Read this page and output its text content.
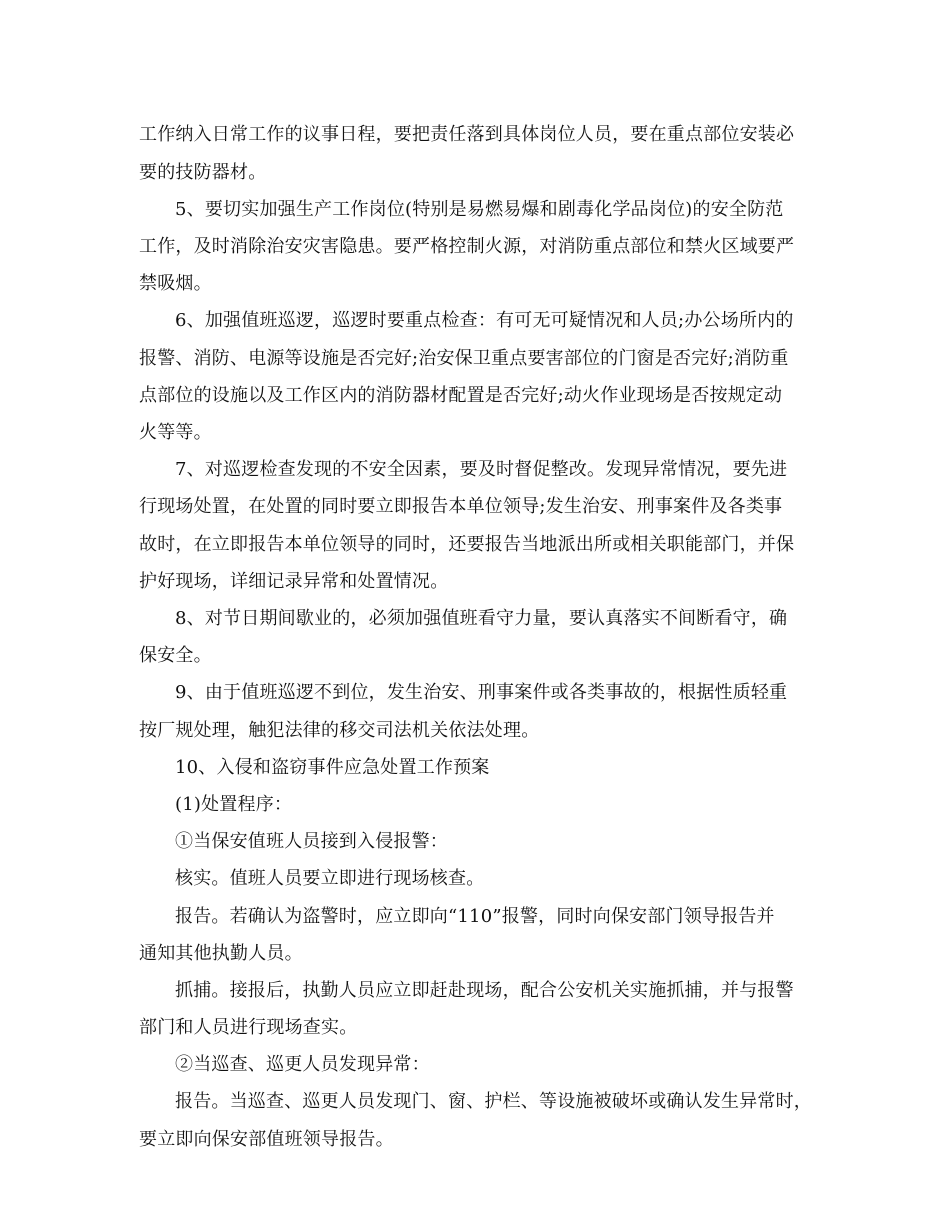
工作纳入日常工作的议事日程，要把责任落到具体岗位人员，要在重点部位安装必
要的技防器材。
5、要切实加强生产工作岗位(特别是易燃易爆和剧毒化学品岗位)的安全防范
工作，及时消除治安灾害隐患。要严格控制火源，对消防重点部位和禁火区域要严
禁吸烟。
6、加强值班巡逻，巡逻时要重点检查：有可无可疑情况和人员;办公场所内的
报警、消防、电源等设施是否完好;治安保卫重点要害部位的门窗是否完好;消防重
点部位的设施以及工作区内的消防器材配置是否完好;动火作业现场是否按规定动
火等等。
7、对巡逻检查发现的不安全因素，要及时督促整改。发现异常情况，要先进
行现场处置，在处置的同时要立即报告本单位领导;发生治安、刑事案件及各类事
故时，在立即报告本单位领导的同时，还要报告当地派出所或相关职能部门，并保
护好现场，详细记录异常和处置情况。
8、对节日期间歇业的，必须加强值班看守力量，要认真落实不间断看守，确
保安全。
9、由于值班巡逻不到位，发生治安、刑事案件或各类事故的，根据性质轻重
按厂规处理，触犯法律的移交司法机关依法处理。
10、入侵和盗窃事件应急处置工作预案
(1)处置程序：
①当保安值班人员接到入侵报警：
核实。值班人员要立即进行现场核查。
报告。若确认为盗警时，应立即向“110”报警，同时向保安部门领导报告并
通知其他执勤人员。
抓捕。接报后，执勤人员应立即赶赴现场，配合公安机关实施抓捕，并与报警
部门和人员进行现场查实。
②当巡查、巡更人员发现异常：
报告。当巡查、巡更人员发现门、窗、护栏、等设施被破坏或确认发生异常时，
要立即向保安部值班领导报告。
